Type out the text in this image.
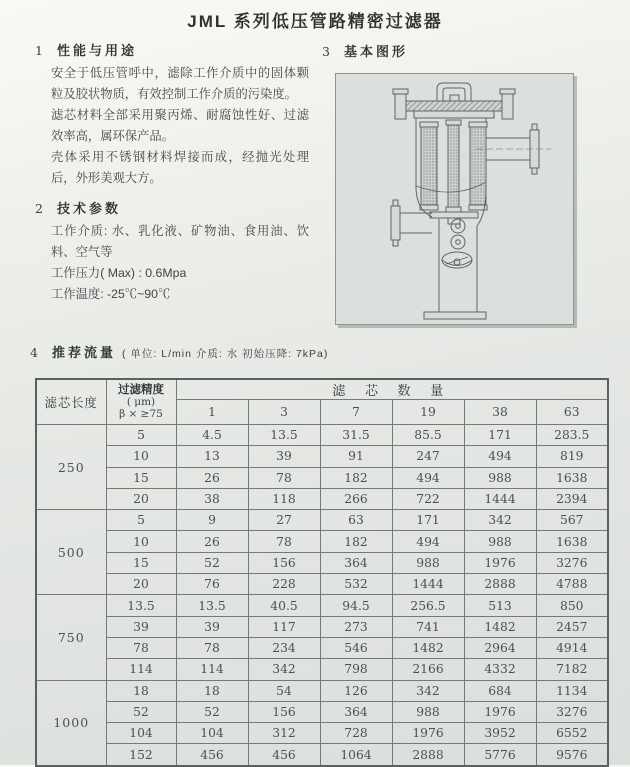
JML 系列低压管路精密过滤器
1	性能与用途

安全于低压管呼中，滤除工作介质中的固体颗粒及胶状物质，有效控制工作介质的污染度。

滤芯材料全部采用聚丙烯、耐腐蚀性好、过滤效率高，属环保产品。

壳体采用不锈钢材料焊接而成，经抛光处理后，外形美观大方。

2	技术参数

工作介质: 水、乳化液、矿物油、食用油、饮料、空气等

工作压力( Max) : 0.6Mpa

工作温度: -25℃~90℃

3	基本图形
4	推荐流量 ( 单位: L/min 介质: 水 初始压降: 7kPa)
滤芯长度	过滤精度
( μm)
β × ≥75	滤 芯 数 量					
		1	3	7	19	38	63
250	5	4.5	13.5	31.5	85.5	171	283.5
	10	13	39	91	247	494	819
	15	26	78	182	494	988	1638
	20	38	118	266	722	1444	2394
500	5	9	27	63	171	342	567
	10	26	78	182	494	988	1638
	15	52	156	364	988	1976	3276
	20	76	228	532	1444	2888	4788
750	13.5	13.5	40.5	94.5	256.5	513	850
	39	39	117	273	741	1482	2457
	78	78	234	546	1482	2964	4914
	114	114	342	798	2166	4332	7182
1000	18	18	54	126	342	684	1134
	52	52	156	364	988	1976	3276
	104	104	312	728	1976	3952	6552
	152	456	456	1064	2888	5776	9576
